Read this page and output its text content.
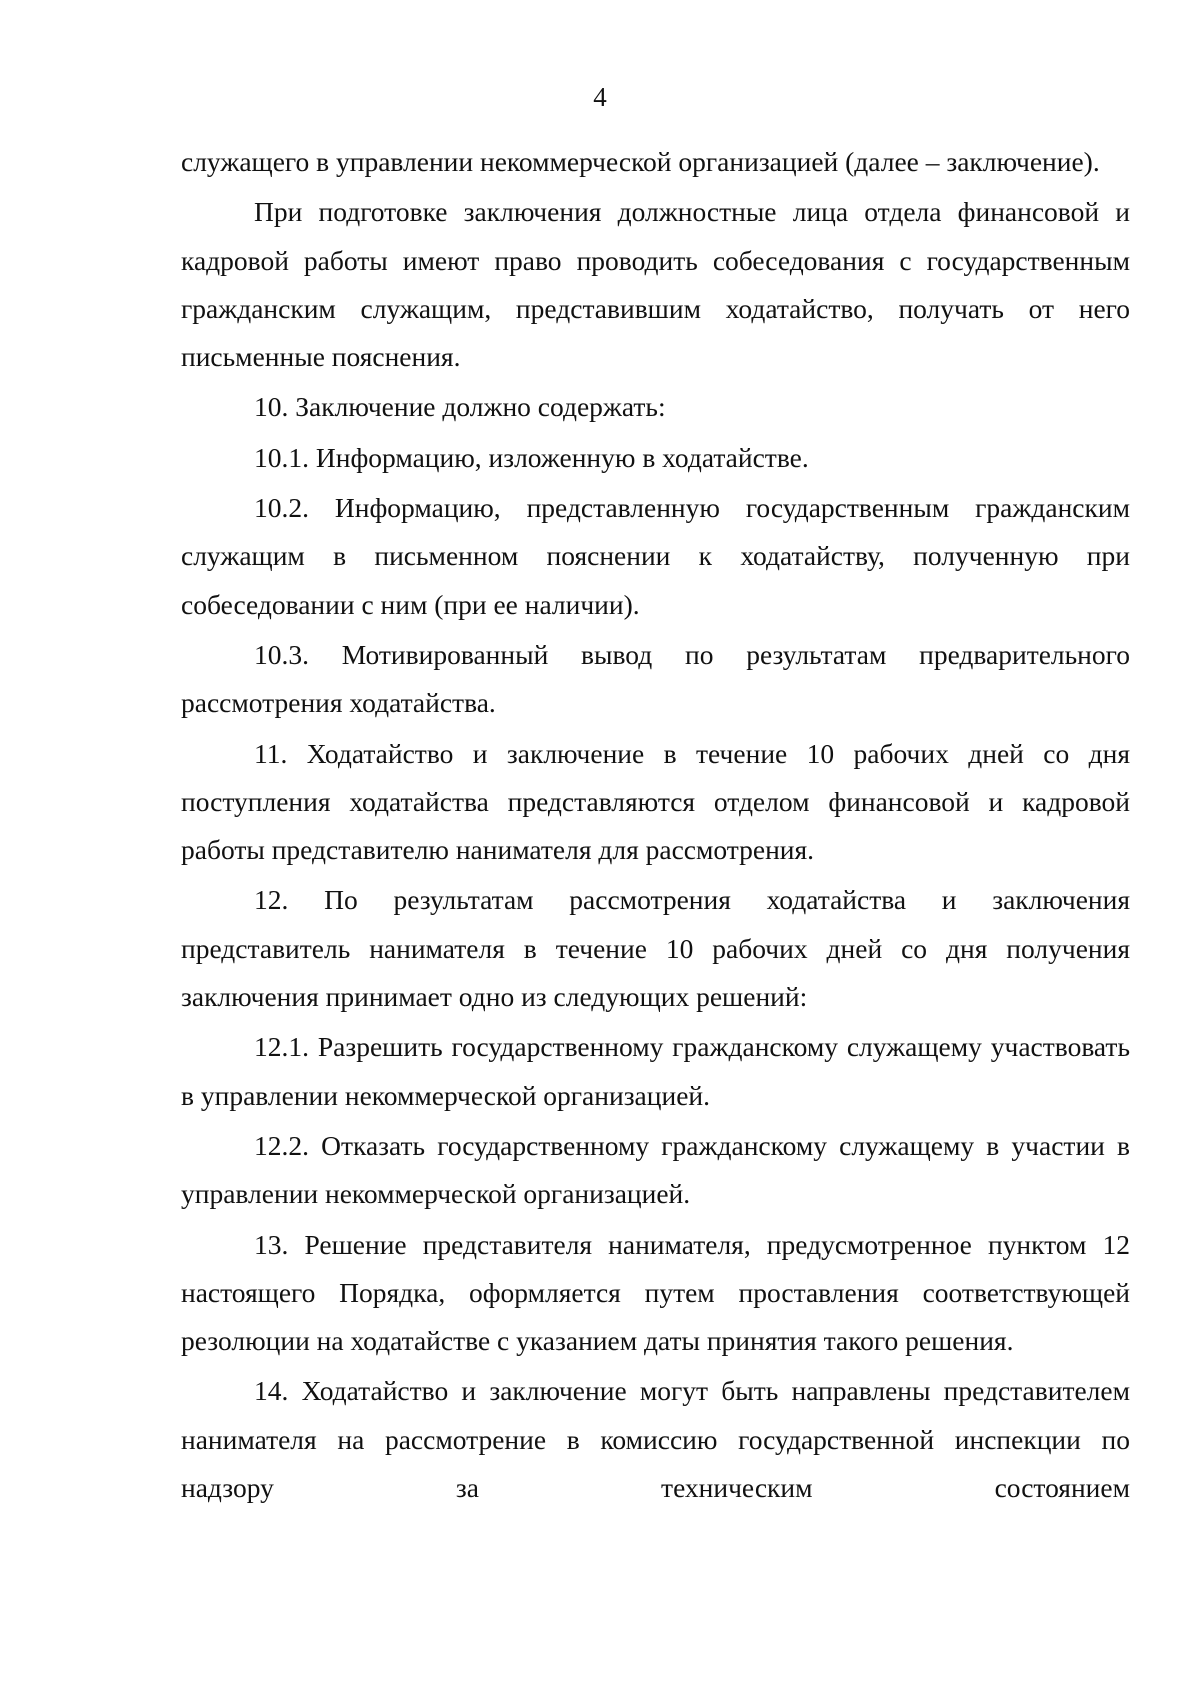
4

служащего в управлении некоммерческой организацией (далее – заключение).

При подготовке заключения должностные лица отдела финансовой и кадровой работы имеют право проводить собеседования с государственным гражданским служащим, представившим ходатайство, получать от него письменные пояснения.

10. Заключение должно содержать:

10.1. Информацию, изложенную в ходатайстве.

10.2. Информацию, представленную государственным гражданским служащим в письменном пояснении к ходатайству, полученную при собеседовании с ним (при ее наличии).

10.3. Мотивированный вывод по результатам предварительного рассмотрения ходатайства.

11. Ходатайство и заключение в течение 10 рабочих дней со дня поступления ходатайства представляются отделом финансовой и кадровой работы представителю нанимателя для рассмотрения.

12. По результатам рассмотрения ходатайства и заключения представитель нанимателя в течение 10 рабочих дней со дня получения заключения принимает одно из следующих решений:

12.1. Разрешить государственному гражданскому служащему участвовать в управлении некоммерческой организацией.

12.2. Отказать государственному гражданскому служащему в участии в управлении некоммерческой организацией.

13. Решение представителя нанимателя, предусмотренное пунктом 12 настоящего Порядка, оформляется путем проставления соответствующей резолюции на ходатайстве с указанием даты принятия такого решения.

14. Ходатайство и заключение могут быть направлены представителем нанимателя на рассмотрение в комиссию государственной инспекции по надзору за техническим состоянием
